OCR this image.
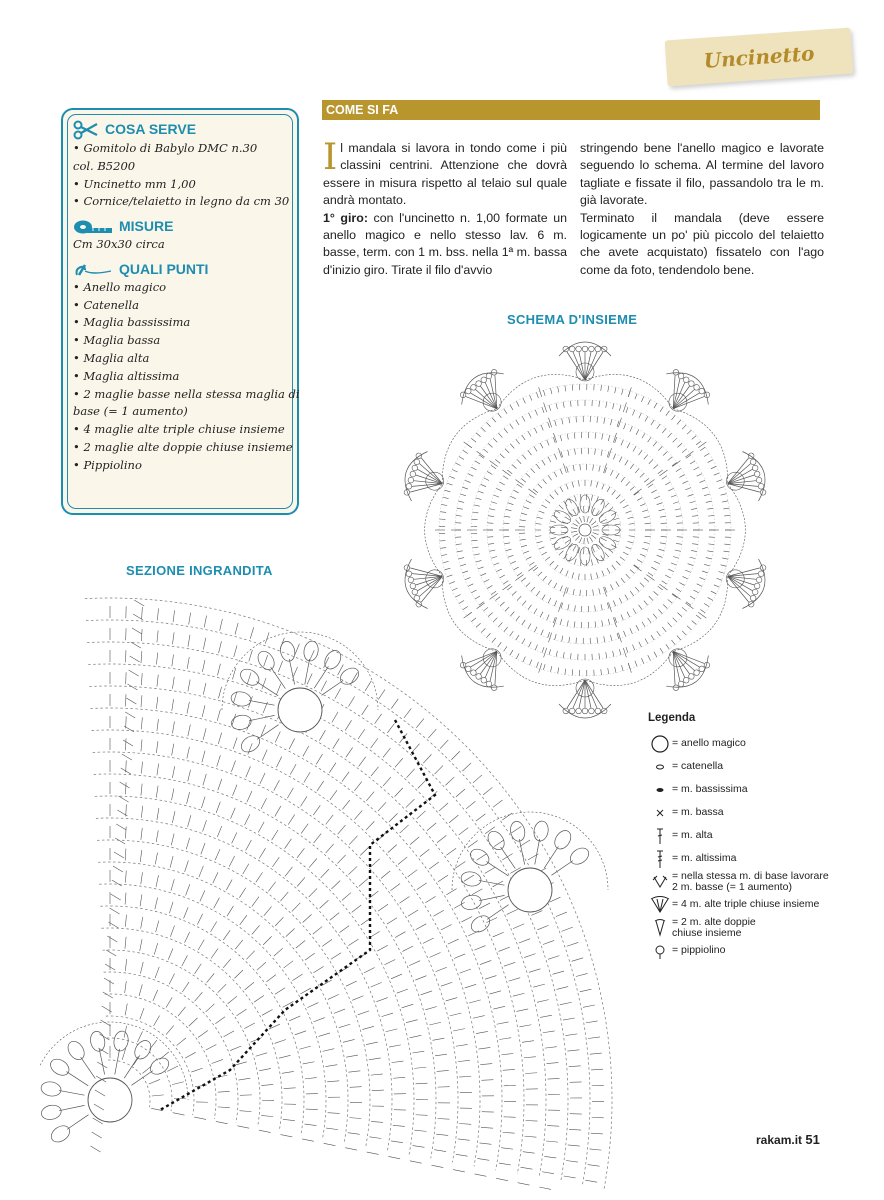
Uncinetto
COSA SERVE
• Gomitolo di Babylo DMC n.30
col. B5200
• Uncinetto mm 1,00
• Cornice/telaietto in legno da cm 30
MISURE
Cm 30x30 circa
QUALI PUNTI
• Anello magico
• Catenella
• Maglia bassissima
• Maglia bassa
• Maglia alta
• Maglia altissima
• 2 maglie basse nella stessa maglia di
base (= 1 aumento)
• 4 maglie alte triple chiuse insieme
• 2 maglie alte doppie chiuse insieme
• Pippiolino
COME SI FA

Il mandala si lavora in tondo come i più classini centrini. Attenzione che dovrà essere in misura rispetto al telaio sul quale andrà montato.

1° giro: con l'uncinetto n. 1,00 formate un anello magico e nello stesso lav. 6 m. basse, term. con 1 m. bss. nella 1ª m. bassa d'inizio giro. Tirate il filo d'avvio

stringendo bene l'anello magico e lavorate seguendo lo schema. Al termine del lavoro tagliate e fissate il filo, passandolo tra le m. già lavorate.

Terminato il mandala (deve essere logicamente un po' più piccolo del telaietto che avete acquistato) fissatelo con l'ago come da foto, tendendolo bene.

SCHEMA D'INSIEME
SEZIONE INGRANDITA
Legenda
= anello magico
= catenella
= m. bassissima
= m. bassa
= m. alta
= m. altissima
= nella stessa m. di base lavorare 2 m. basse (= 1 aumento)
= 4 m. alte triple chiuse insieme
= 2 m. alte doppie chiuse insieme
= pippiolino
rakam.it 51
